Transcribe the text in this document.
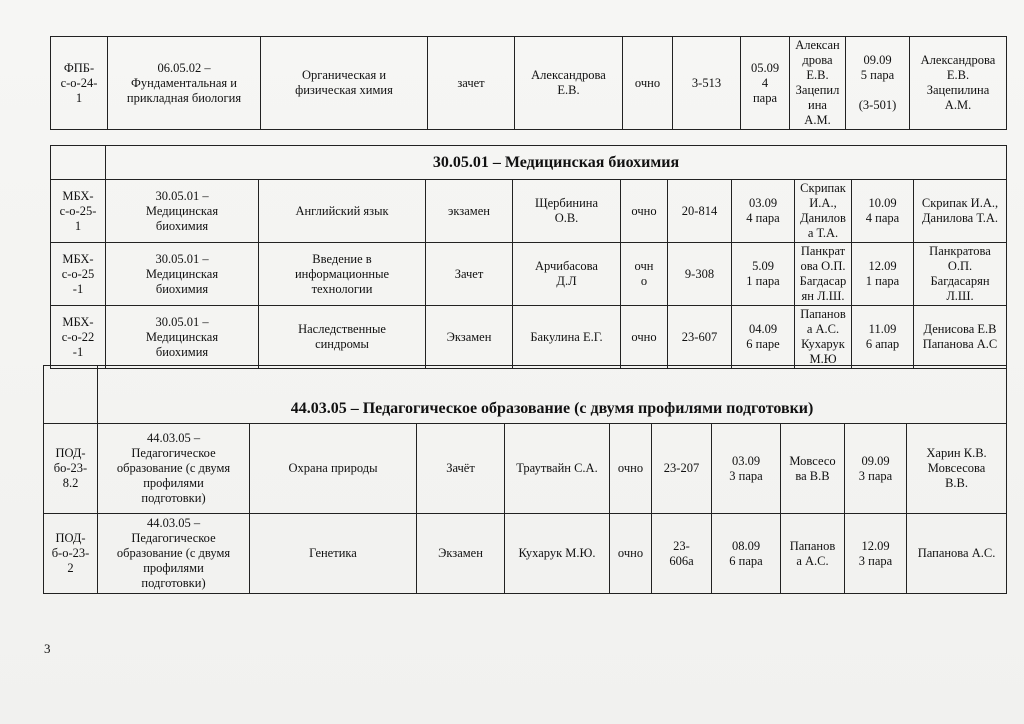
ФПБ-
с-о-24-
1	06.05.02 –
Фундаментальная и
прикладная биология	Органическая и
физическая химия	зачет	Александрова
Е.В.	очно	3-513	05.09
4
пара	Алексан
дрова
Е.В.
Зацепил
ина
А.М.	09.09
5 пара

(3-501)	Александрова
Е.В.
Зацепилина
А.М.
	30.05.01 – Медицинская биохимия									
МБХ-
с-о-25-
1	30.05.01 –
Медицинская
биохимия	Английский язык	экзамен	Щербинина
О.В.	очно	20-814	03.09
4 пара	Скрипак
И.А.,
Данилов
а Т.А.	10.09
4 пара	Скрипак И.А.,
Данилова Т.А.
МБХ-
с-о-25
-1	30.05.01 –
Медицинская
биохимия	Введение в
информационные
технологии	Зачет	Арчибасова
Д.Л	очн
о	9-308	5.09
1 пара	Панкрат
ова О.П.
Багдасар
ян Л.Ш.	12.09
1 пара	Панкратова
О.П.
Багдасарян
Л.Ш.
МБХ-
с-о-22
-1	30.05.01 –
Медицинская
биохимия	Наследственные
синдромы	Экзамен	Бакулина Е.Г.	очно	23-607	04.09
6 паре	Папанов
а А.С.
Кухарук
М.Ю	11.09
6 апар	Денисова Е.В
Папанова А.С
	44.03.05 – Педагогическое образование (с двумя профилями подготовки)									
ПОД-
бо-23-
8.2	44.03.05 –
Педагогическое
образование (с двумя
профилями
подготовки)	Охрана природы	Зачёт	Траутвайн С.А.	очно	23-207	03.09
3 пара	Мовсесо
ва В.В	09.09
3 пара	Харин К.В.
Мовсесова
В.В.
ПОД-
б-о-23-
2	44.03.05 –
Педагогическое
образование (с двумя
профилями
подготовки)	Генетика	Экзамен	Кухарук М.Ю.	очно	23-
606а	08.09
6 пара	Папанов
а А.С.	12.09
3 пара	Папанова А.С.
3
